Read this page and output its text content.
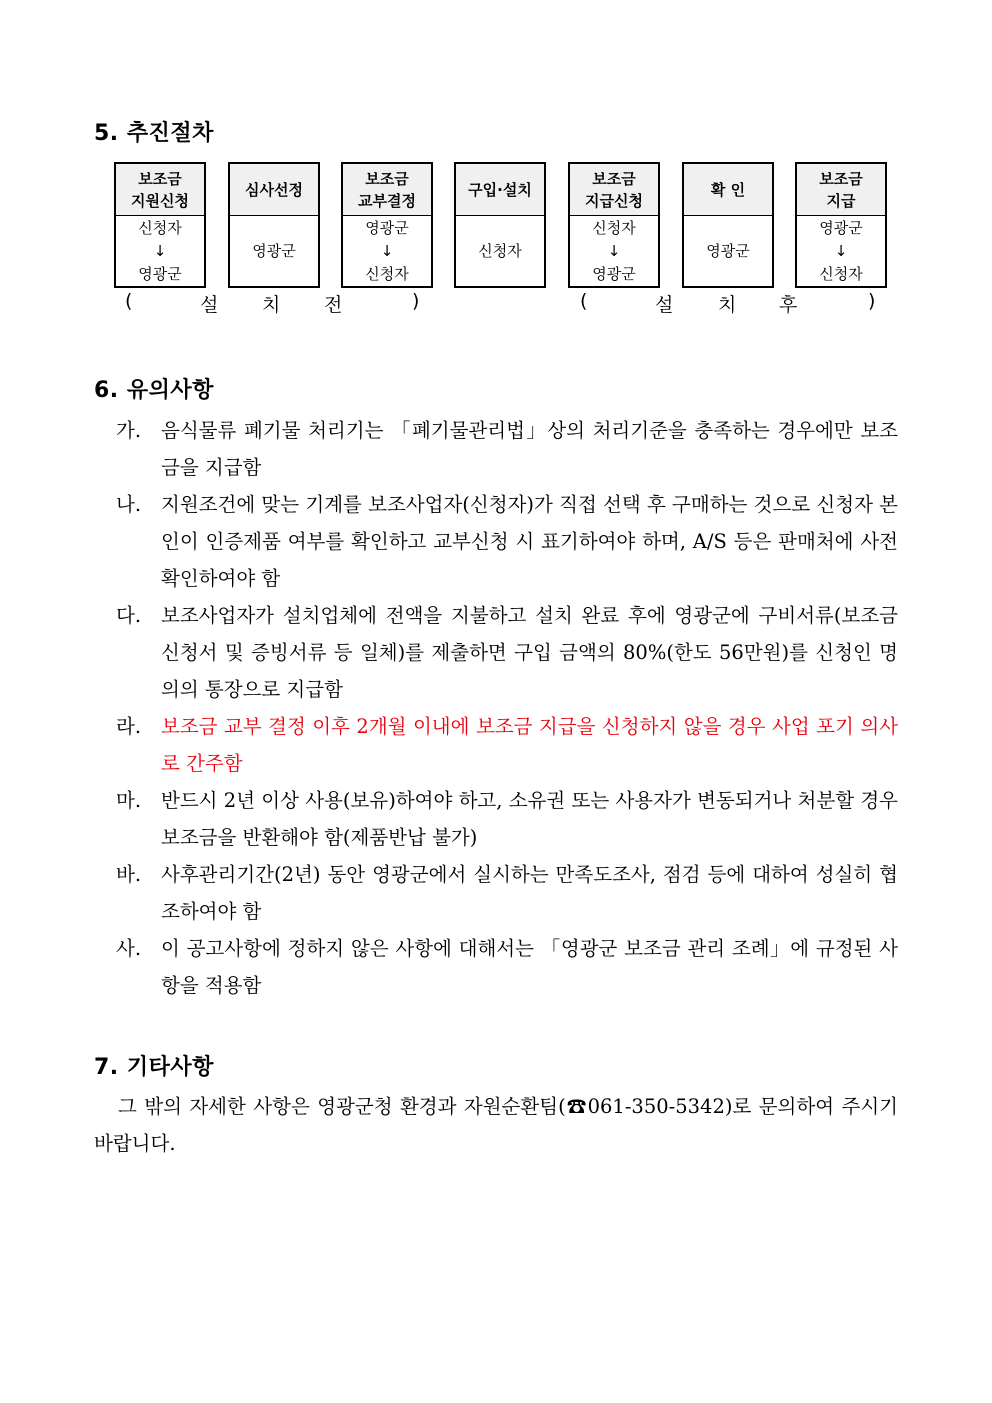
5. 추진절차
보조금
지원신청
신청자
↓
영광군
심사선정
영광군
보조금
교부결정
영광군
↓
신청자
구입·설치
신청자
보조금
지급신청
신청자
↓
영광군
확 인
영광군
보조금
지급
영광군
↓
신청자
(	설 치 전	)	(	설 치 후	)
6. 유의사항
가. 음식물류 폐기물 처리기는 「폐기물관리법」상의 처리기준을 충족하는 경우에만 보조금을 지급함
나. 지원조건에 맞는 기계를 보조사업자(신청자)가 직접 선택 후 구매하는 것으로 신청자 본인이 인증제품 여부를 확인하고 교부신청 시 표기하여야 하며, A/S 등은 판매처에 사전 확인하여야 함
다. 보조사업자가 설치업체에 전액을 지불하고 설치 완료 후에 영광군에 구비서류(보조금 신청서 및 증빙서류 등 일체)를 제출하면 구입 금액의 80%(한도 56만원)를 신청인 명의의 통장으로 지급함
라. 보조금 교부 결정 이후 2개월 이내에 보조금 지급을 신청하지 않을 경우 사업 포기 의사로 간주함
마. 반드시 2년 이상 사용(보유)하여야 하고, 소유권 또는 사용자가 변동되거나 처분할 경우 보조금을 반환해야 함(제품반납 불가)
바. 사후관리기간(2년) 동안 영광군에서 실시하는 만족도조사, 점검 등에 대하여 성실히 협조하여야 함
사. 이 공고사항에 정하지 않은 사항에 대해서는 「영광군 보조금 관리 조례」에 규정된 사항을 적용함
7. 기타사항
그 밖의 자세한 사항은 영광군청 환경과 자원순환팀(☎061-350-5342)로 문의하여 주시기 바랍니다.
